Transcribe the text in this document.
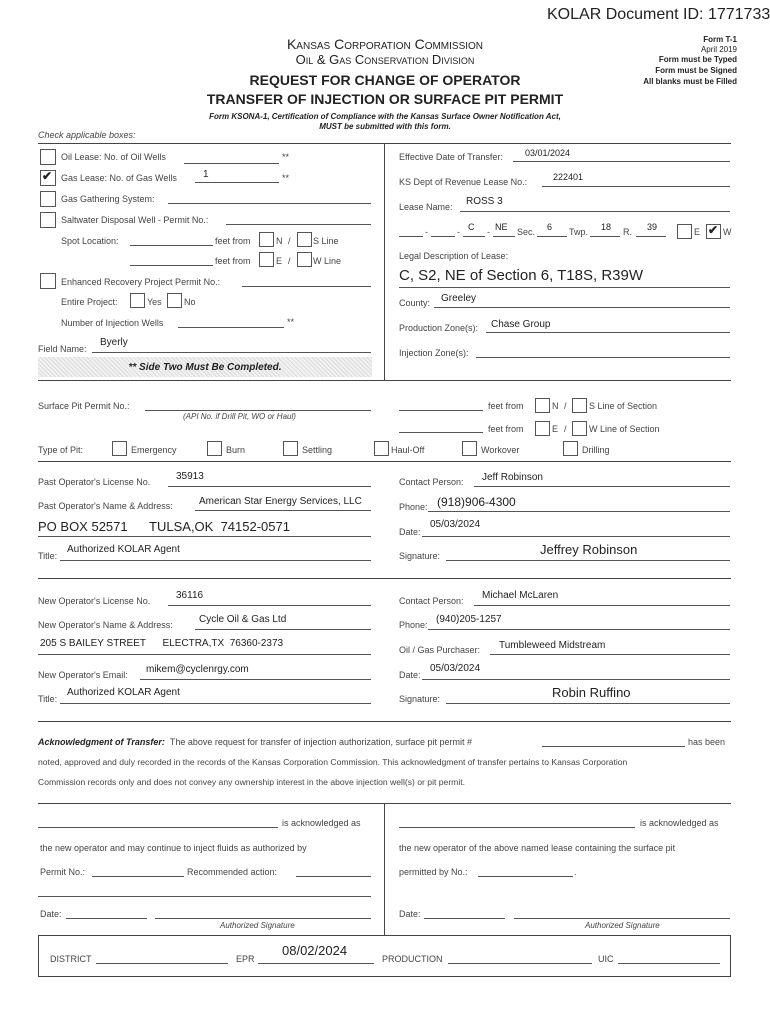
KOLAR Document ID: 1771733
Kansas Corporation Commission
Oil & Gas Conservation Division
REQUEST FOR CHANGE OF OPERATOR
TRANSFER OF INJECTION OR SURFACE PIT PERMIT
Form KSONA-1, Certification of Compliance with the Kansas Surface Owner Notification Act,
MUST be submitted with this form.
Form T-1
April 2019
Form must be Typed
Form must be Signed
All blanks must be Filled
Check applicable boxes:
Oil Lease: No. of Oil Wells	**
✔ Gas Lease: No. of Gas Wells	1	**
Gas Gathering System:
Saltwater Disposal Well - Permit No.:
Spot Location:	feet from	N / S Line
feet from	E / W Line
Enhanced Recovery Project Permit No.:
Entire Project:	Yes No
Number of Injection Wells	**
Field Name:
Byerly
** Side Two Must Be Completed.
Effective Date of Transfer: 03/01/2024
KS Dept of Revenue Lease No.:	222401
Lease Name: ROSS 3
-	- C - NE Sec. 6 Twp. 18 R. 39	E ✔ W
Legal Description of Lease:
C, S2, NE of Section 6, T18S, R39W
County: Greeley
Production Zone(s): Chase Group
Injection Zone(s):
Surface Pit Permit No.:
(API No. if Drill Pit, WO or Haul)
feet from	N / S Line of Section
feet from	E / W Line of Section
Type of Pit:	Emergency	Burn	Settling	Haul-Off	Workover	Drilling
Past Operator's License No.	35913	Contact Person: Jeff Robinson
Past Operator's Name & Address:	American Star Energy Services, LLC	Phone: (918)906-4300
PO BOX 52571      TULSA,OK  74152-0571	Date:
05/03/2024
Title:
Authorized KOLAR Agent
Signature:	Jeffrey Robinson
New Operator's License No.	36116	Contact Person: Michael McLaren
New Operator's Name & Address:	Cycle Oil & Gas Ltd	Phone: (940)205-1257
205 S BAILEY STREET      ELECTRA,TX  76360-2373
Oil / Gas Purchaser: Tumbleweed Midstream
New Operator's Email: mikem@cyclenrgy.com	Date:
05/03/2024
Title:
Authorized KOLAR Agent
Signature:	Robin Ruffino
Acknowledgment of Transfer: The above request for transfer of injection authorization, surface pit permit #	has been
noted, approved and duly recorded in the records of the Kansas Corporation Commission. This acknowledgment of transfer pertains to Kansas Corporation
Commission records only and does not convey any ownership interest in the above injection well(s) or pit permit.
is acknowledged as
the new operator and may continue to inject fluids as authorized by
Permit No.:	Recommended action:
Date:
Authorized Signature
is acknowledged as
the new operator of the above named lease containing the surface pit
permitted by No.:	.
Date:
Authorized Signature
DISTRICT	EPR
08/02/2024
PRODUCTION	UIC
